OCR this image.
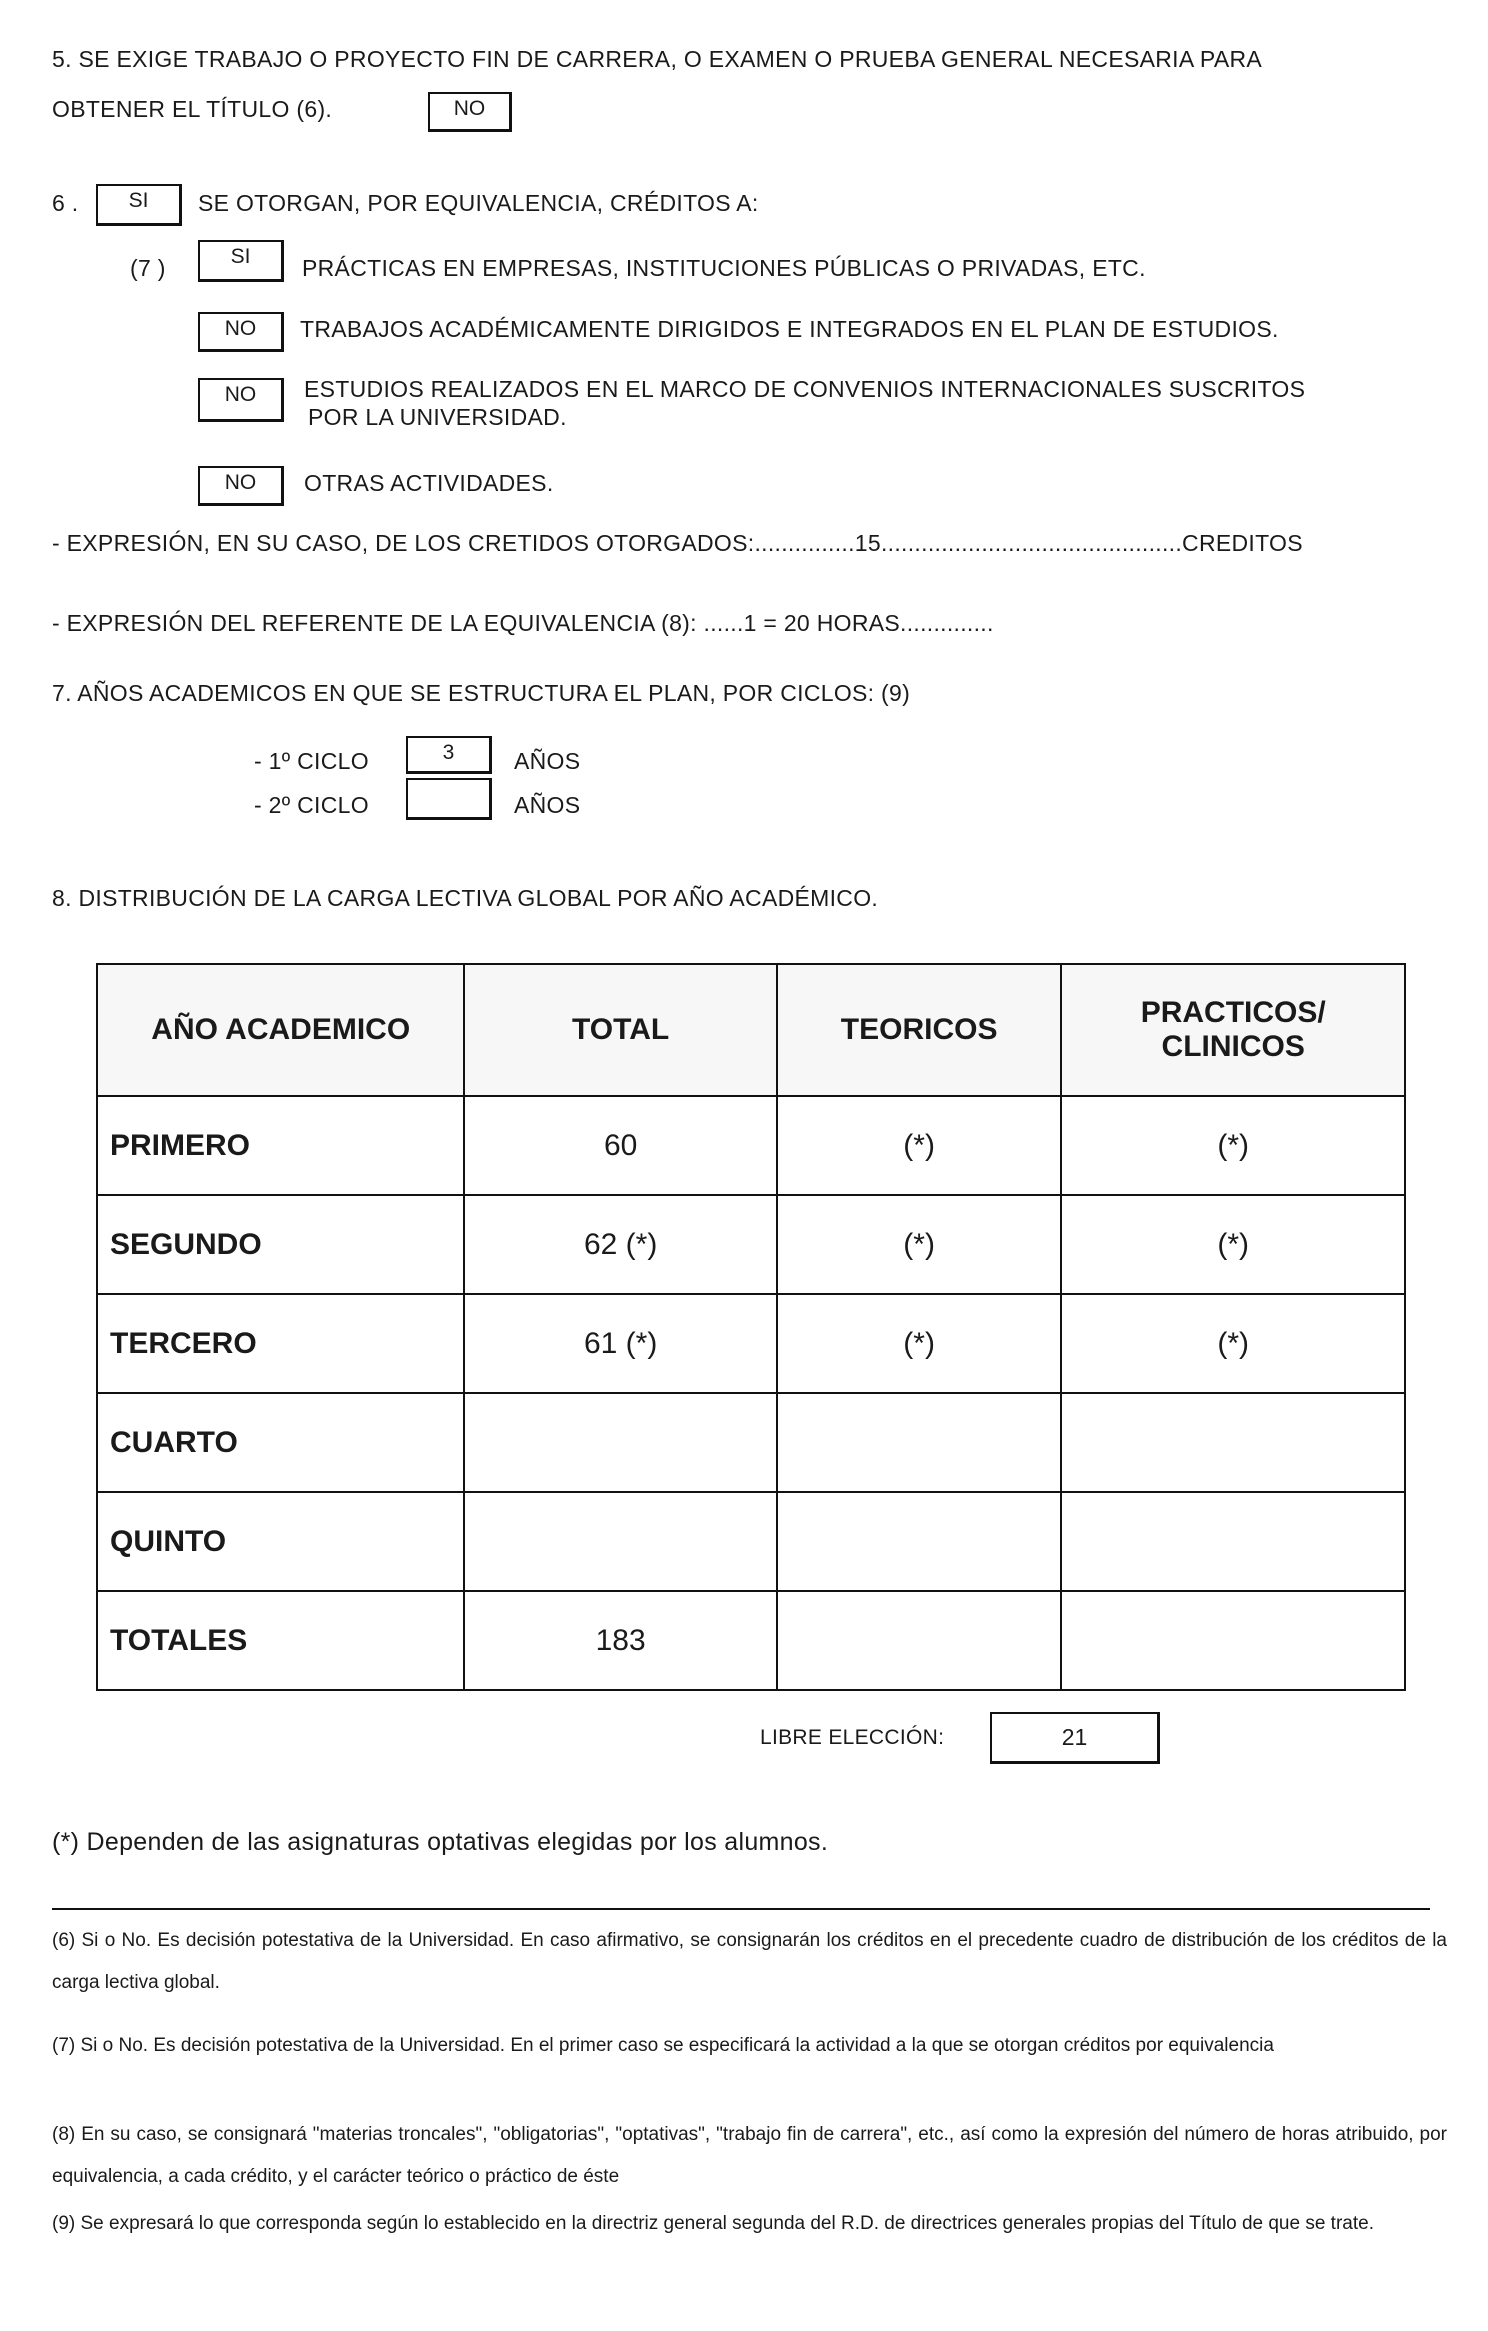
5. SE EXIGE TRABAJO O PROYECTO FIN DE CARRERA, O EXAMEN O PRUEBA GENERAL NECESARIA PARA
OBTENER EL TÍTULO (6).	NO
6 .	SI	SE OTORGAN, POR EQUIVALENCIA, CRÉDITOS A:
(7 )	SI	PRÁCTICAS EN EMPRESAS, INSTITUCIONES PÚBLICAS O PRIVADAS, ETC.
NO	TRABAJOS ACADÉMICAMENTE DIRIGIDOS E INTEGRADOS EN EL PLAN DE ESTUDIOS.
NO	ESTUDIOS REALIZADOS EN EL MARCO DE CONVENIOS INTERNACIONALES SUSCRITOS
POR LA UNIVERSIDAD.
NO	OTRAS ACTIVIDADES.
- EXPRESIÓN, EN SU CASO, DE LOS CRETIDOS OTORGADOS:...............15.............................................CREDITOS
- EXPRESIÓN DEL REFERENTE DE LA EQUIVALENCIA (8): ......1 = 20 HORAS..............
7. AÑOS ACADEMICOS EN QUE SE ESTRUCTURA EL PLAN, POR CICLOS: (9)
- 1º CICLO	3	AÑOS
- 2º CICLO	AÑOS
8. DISTRIBUCIÓN DE LA CARGA LECTIVA GLOBAL POR AÑO ACADÉMICO.
AÑO ACADEMICO	TOTAL	TEORICOS	PRACTICOS/
CLINICOS

PRIMERO	60	(*)	(*)
SEGUNDO	62 (*)	(*)	(*)
TERCERO	61 (*)	(*)	(*)
CUARTO			
QUINTO			
TOTALES	183		
LIBRE ELECCIÓN:	21
(*) Dependen de las asignaturas optativas elegidas por los alumnos.
(6) Si o No. Es decisión potestativa de la Universidad. En caso afirmativo, se consignarán los créditos en el precedente cuadro de distribución de los créditos de la carga lectiva global.
(7) Si o No. Es decisión potestativa de la Universidad. En el primer caso se especificará la actividad a la que se otorgan créditos por equivalencia
(8) En su caso, se consignará "materias troncales", "obligatorias", "optativas", "trabajo fin de carrera", etc., así como la expresión del número de horas atribuido, por equivalencia, a cada crédito, y el carácter teórico o práctico de éste
(9) Se expresará lo que corresponda según lo establecido en la directriz general segunda del R.D. de directrices generales propias del Título de que se trate.
